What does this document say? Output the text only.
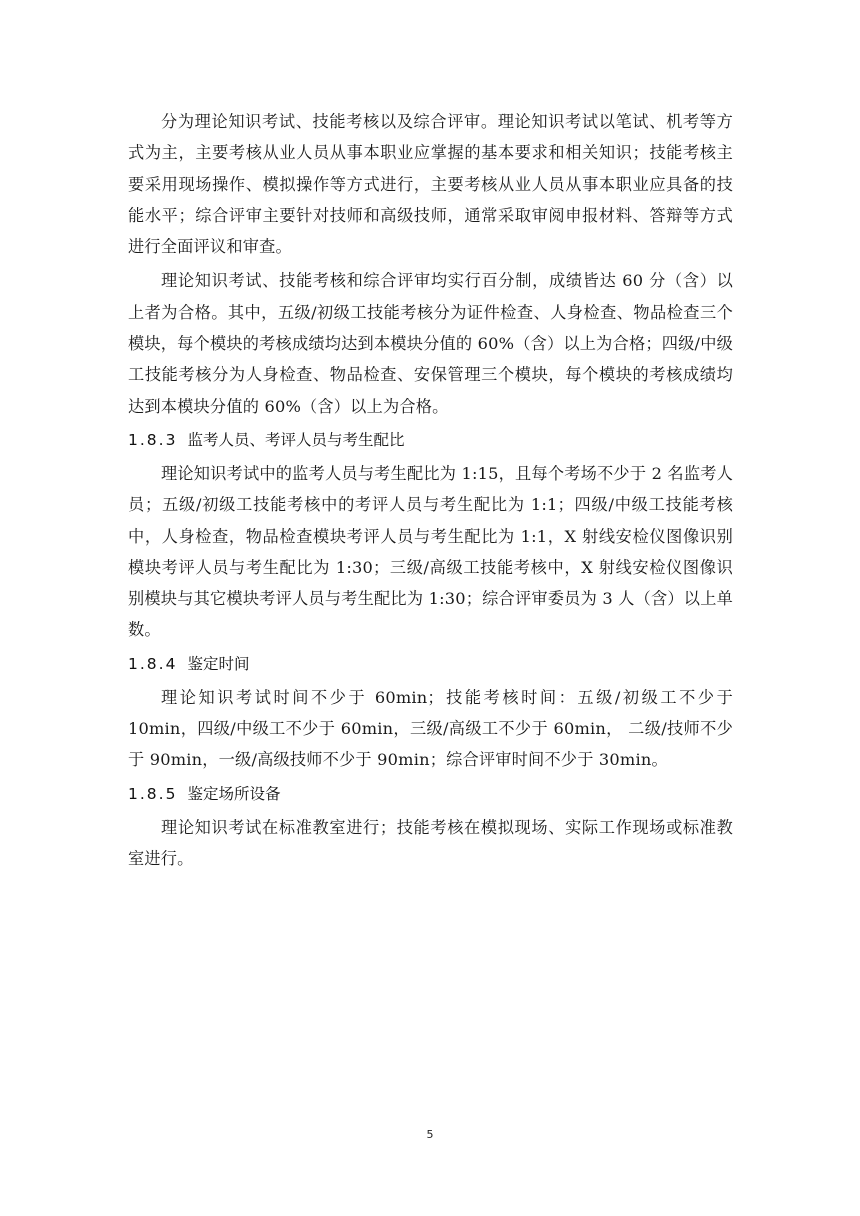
分为理论知识考试、技能考核以及综合评审。理论知识考试以笔试、机考等方式为主，主要考核从业人员从事本职业应掌握的基本要求和相关知识；技能考核主要采用现场操作、模拟操作等方式进行，主要考核从业人员从事本职业应具备的技能水平；综合评审主要针对技师和高级技师，通常采取审阅申报材料、答辩等方式进行全面评议和审查。

理论知识考试、技能考核和综合评审均实行百分制，成绩皆达 60 分（含）以上者为合格。其中，五级/初级工技能考核分为证件检查、人身检查、物品检查三个模块，每个模块的考核成绩均达到本模块分值的 60%（含）以上为合格；四级/中级工技能考核分为人身检查、物品检查、安保管理三个模块，每个模块的考核成绩均达到本模块分值的 60%（含）以上为合格。

1.8.3 监考人员、考评人员与考生配比

理论知识考试中的监考人员与考生配比为 1:15，且每个考场不少于 2 名监考人员；五级/初级工技能考核中的考评人员与考生配比为 1:1；四级/中级工技能考核中，人身检查，物品检查模块考评人员与考生配比为 1:1，X 射线安检仪图像识别模块考评人员与考生配比为 1:30；三级/高级工技能考核中，X 射线安检仪图像识别模块与其它模块考评人员与考生配比为 1:30；综合评审委员为 3 人（含）以上单数。

1.8.4 鉴定时间

理论知识考试时间不少于 60min；技能考核时间：五级/初级工不少于 10min，四级/中级工不少于 60min，三级/高级工不少于 60min， 二级/技师不少于 90min，一级/高级技师不少于 90min；综合评审时间不少于 30min。

1.8.5 鉴定场所设备

理论知识考试在标准教室进行；技能考核在模拟现场、实际工作现场或标准教室进行。

5
